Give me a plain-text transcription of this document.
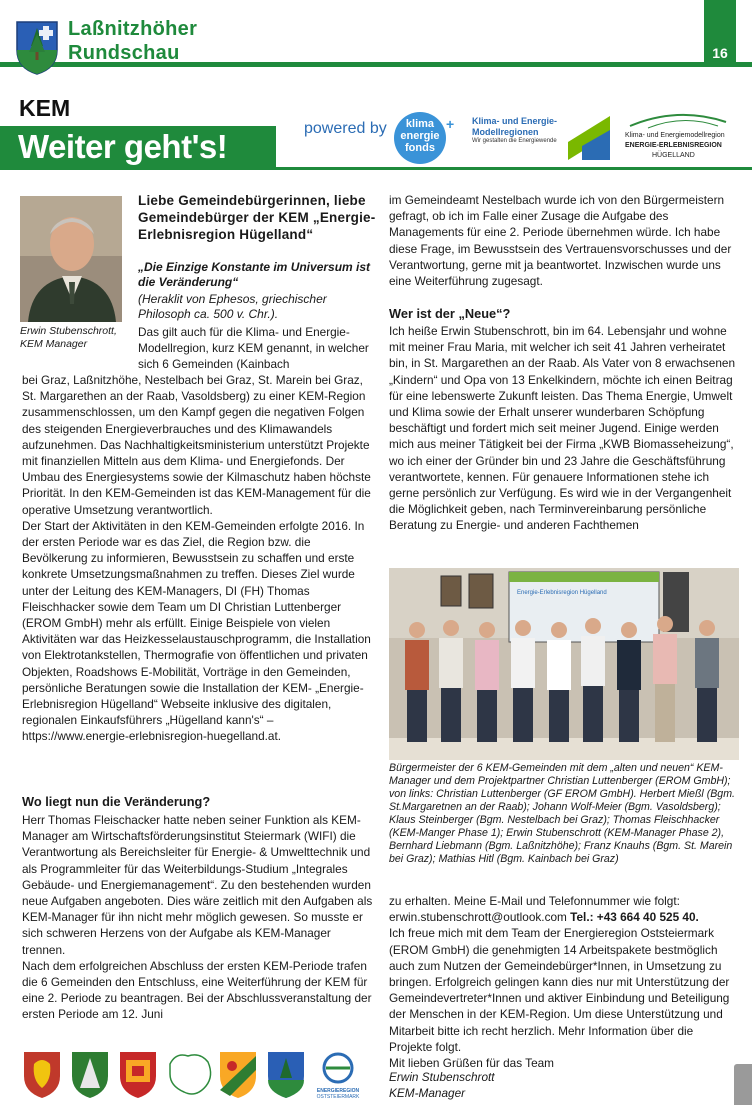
16
Laßnitzhöher
Rundschau
KEM
Weiter geht's!	powered by	klima
energie
fonds
+ Klima- und Energie-
Modellregionen
Wir gestalten die Energiewende
Klima- und Energiemodellregion
ENERGIE-ERLEBNISREGION
HÜGELLAND
Erwin Stubenschrott, KEM Manager
Liebe Gemeindebürgerinnen, liebe Gemeindebürger der KEM „Energie-Erlebnisregion Hügelland“
„Die Einzige Konstante im Universum ist die Veränderung“
(Heraklit von Ephesos, griechischer Philosoph ca. 500 v. Chr.).
Das gilt auch für die Klima- und Energie-Modellregion, kurz KEM genannt, in welcher sich 6 Gemeinden (Kainbach

bei Graz, Laßnitzhöhe, Nestelbach bei Graz, St. Marein bei Graz, St. Margarethen an der Raab, Vasoldsberg) zu einer KEM-Region zusammenschlossen, um den Kampf gegen die negativen Folgen des steigenden Energieverbrauches und des Klimawandels aufzunehmen. Das Nachhaltigkeitsministerium unterstützt Projekte mit finanziellen Mitteln aus dem Klima- und Energiefonds. Der Umbau des Energiesystems sowie der Kilmaschutz haben höchste Priorität. In den KEM-Gemeinden ist das KEM-Management für die operative Umsetzung verantwortlich.

Der Start der Aktivitäten in den KEM-Gemeinden erfolgte 2016. In der ersten Periode war es das Ziel, die Region bzw. die Bevölkerung zu informieren, Bewusstsein zu schaffen und erste konkrete Umsetzungsmaßnahmen zu treffen. Dieses Ziel wurde unter der Leitung des KEM-Managers, DI (FH) Thomas Fleischhacker sowie dem Team um DI Christian Luttenberger (EROM GmbH) mehr als erfüllt. Einige Beispiele von vielen Aktivitäten war das Heizkesselaustauschprogramm, die Installation von Elektrotankstellen, Thermografie von öffentlichen und privaten Objekten, Roadshows E-Mobilität, Vorträge in den Gemeinden, persönliche Beratungen sowie die Installation der KEM- „Energie-Erlebnisregion Hügelland“ Webseite inklusive des digitalen, regionalen Einkaufsführers „Hügelland kann's“ – https://www.energie-erlebnisregion-huegelland.at.

Wo liegt nun die Veränderung?

Herr Thomas Fleischacker hatte neben seiner Funktion als KEM-Manager am Wirtschaftsförderungsinstitut Steiermark (WIFI) die Verantwortung als Bereichsleiter für Energie- & Umwelttechnik und als Programmleiter für das Weiterbildungs-Studium „Integrales Gebäude- und Energiemanagement“. Zu den bestehenden wurden neue Aufgaben angeboten. Dies wäre zeitlich mit den Aufgaben als KEM-Manager für ihn nicht mehr möglich gewesen. So musste er sich schweren Herzens von der Aufgabe als KEM-Manager trennen.

Nach dem erfolgreichen Abschluss der ersten KEM-Periode trafen die 6 Gemeinden den Entschluss, eine Weiterführung der KEM für eine 2. Periode zu beantragen. Bei der Abschlussveranstaltung der ersten Periode am 12. Juni

ENERGIEREGION
OSTSTEIERMARK
im Gemeindeamt Nestelbach wurde ich von den Bürgermeistern gefragt, ob ich im Falle einer Zusage die Aufgabe des Managements für eine 2. Periode übernehmen würde. Ich habe diese Frage, im Bewusstsein des Vertrauensvorschusses und der Verantwortung, gerne mit ja beantwortet. Inzwischen wurde uns eine Weiterführung zugesagt.
Wer ist der „Neue“?
Ich heiße Erwin Stubenschrott, bin im 64. Lebensjahr und wohne mit meiner Frau Maria, mit welcher ich seit 41 Jahren verheiratet bin, in St. Margarethen an der Raab. Als Vater von 8 erwachsenen „Kindern“ und Opa von 13 Enkelkindern, möchte ich einen Beitrag für eine lebenswerte Zukunft leisten. Das Thema Energie, Umwelt und Klima sowie der Erhalt unserer wunderbaren Schöpfung beschäftigt und fordert mich seit meiner Jugend. Einige werden mich aus meiner Tätigkeit bei der Firma „KWB Biomasseheizung“, wo ich einer der Gründer bin und 23 Jahre die Geschäftsführung verantwortete, kennen. Für genauere Informationen stehe ich gerne persönlich zur Verfügung. Es wird wie in der Vergangenheit die Möglichkeit geben, nach Terminvereinbarung persönliche Beratung zu Energie- und anderen Fachthemen
Energie-Erlebnisregion Hügelland
Bürgermeister der 6 KEM-Gemeinden mit dem „alten und neuen“ KEM-Manager und dem Projektpartner Christian Luttenberger (EROM GmbH); von links: Christian Luttenberger (GF EROM GmbH). Herbert Mießl (Bgm. St.Margaretnen an der Raab); Johann Wolf-Meier (Bgm. Vasoldsberg); Klaus Steinberger (Bgm. Nestelbach bei Graz); Thomas Fleischhacker (KEM-Manger Phase 1); Erwin Stubenschrott (KEM-Manager Phase 2), Bernhard Liebmann (Bgm. Laßnitzhöhe); Franz Knauhs (Bgm. St. Marein bei Graz); Mathias Hitl (Bgm. Kainbach bei Graz)

zu erhalten. Meine E-Mail und Telefonnummer wie folgt: erwin.stubenschrott@outlook.com Tel.: +43 664 40 525 40.

Ich freue mich mit dem Team der Energieregion Oststeiermark (EROM GmbH) die genehmigten 14 Arbeitspakete bestmöglich auch zum Nutzen der Gemeindebürger*Innen, in Umsetzung zu bringen. Erfolgreich gelingen kann dies nur mit Unterstützung der Gemeindevertreter*Innen und aktiver Einbindung und Beteiligung der Menschen in der KEM-Region. Um diese Unterstützung und Mitarbeit bitte ich recht herzlich. Mehr Information über die Projekte folgt.

Mit lieben Grüßen für das Team

Erwin Stubenschrott
KEM-Manager
